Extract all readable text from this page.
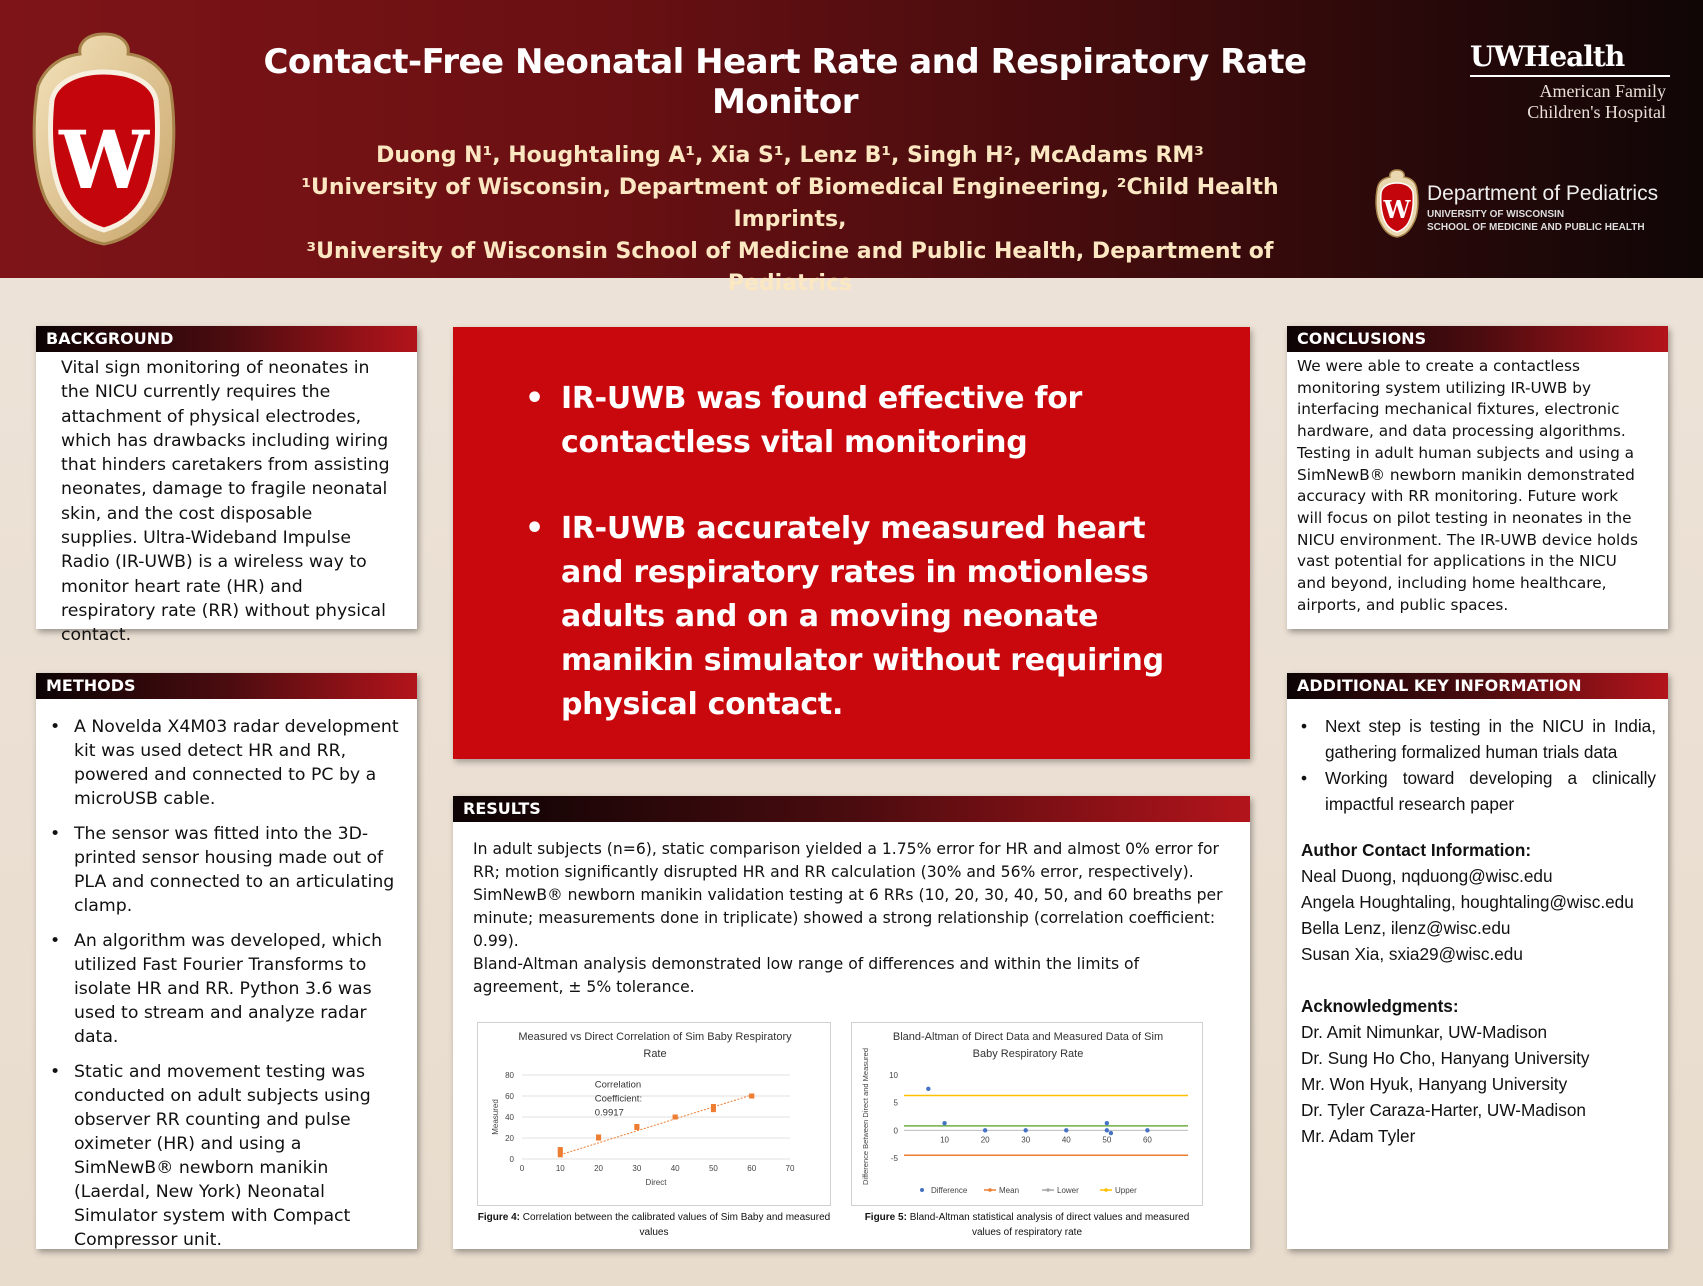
W
Contact-Free Neonatal Heart Rate and Respiratory Rate Monitor
Duong N¹, Houghtaling A¹, Xia S¹, Lenz B¹, Singh H², McAdams RM³
¹University of Wisconsin, Department of Biomedical Engineering, ²Child Health Imprints,
³University of Wisconsin School of Medicine and Public Health, Department of Pediatrics
UWHealth
American Family
Children's Hospital
W
Department of Pediatrics
UNIVERSITY OF WISCONSIN
SCHOOL OF MEDICINE AND PUBLIC HEALTH
BACKGROUND
Vital sign monitoring of neonates in the NICU currently requires the attachment of physical electrodes, which has drawbacks including wiring that hinders caretakers from assisting neonates, damage to fragile neonatal skin, and the cost disposable supplies. Ultra-Wideband Impulse Radio (IR-UWB) is a wireless way to monitor heart rate (HR) and respiratory rate (RR) without physical contact.
METHODS
• A Novelda X4M03 radar development kit was used detect HR and RR, powered and connected to PC by a microUSB cable.
• The sensor was fitted into the 3D-printed sensor housing made out of PLA and connected to an articulating clamp.
• An algorithm was developed, which utilized Fast Fourier Transforms to isolate HR and RR. Python 3.6 was used to stream and analyze radar data.
• Static and movement testing was conducted on adult subjects using observer RR counting and pulse oximeter (HR) and using a SimNewB® newborn manikin (Laerdal, New York) Neonatal Simulator system with Compact Compressor unit.
• IR-UWB was found effective for contactless vital monitoring
• IR-UWB accurately measured heart and respiratory rates in motionless adults and on a moving neonate manikin simulator without requiring physical contact.
RESULTS
In adult subjects (n=6), static comparison yielded a 1.75% error for HR and almost 0% error for RR; motion significantly disrupted HR and RR calculation (30% and 56% error, respectively). SimNewB® newborn manikin validation testing at 6 RRs (10, 20, 30, 40, 50, and 60 breaths per minute; measurements done in triplicate) showed a strong relationship (correlation coefficient: 0.99).
Bland-Altman analysis demonstrated low range of differences and within the limits of agreement, ± 5% tolerance.
Measured vs Direct Correlation of Sim Baby Respiratory Rate
0
20
40
60
80
0	10	20	30	40	50	60	70
Direct
Measured
Correlation
Coefficient:
0.9917
Figure 4: Correlation between the calibrated values of Sim Baby and measured values
Bland-Altman of Direct Data and Measured Data of Sim Baby Respiratory Rate
-5
0
5
10
10	20	30	40	50	60
Difference Between Direct and Measured
Difference	Mean	Lower	Upper
Figure 5: Bland-Altman statistical analysis of direct values and measured values of respiratory rate
CONCLUSIONS
We were able to create a contactless monitoring system utilizing IR-UWB by interfacing mechanical fixtures, electronic hardware, and data processing algorithms. Testing in adult human subjects and using a SimNewB® newborn manikin demonstrated accuracy with RR monitoring. Future work will focus on pilot testing in neonates in the NICU environment. The IR-UWB device holds vast potential for applications in the NICU and beyond, including home healthcare, airports, and public spaces.
ADDITIONAL KEY INFORMATION
• Next step is testing in the NICU in India, gathering formalized human trials data
• Working toward developing a clinically impactful research paper
Author Contact Information:
Neal Duong, nqduong@wisc.edu
Angela Houghtaling, houghtaling@wisc.edu
Bella Lenz, ilenz@wisc.edu
Susan Xia, sxia29@wisc.edu
Acknowledgments:
Dr. Amit Nimunkar, UW-Madison
Dr. Sung Ho Cho, Hanyang University
Mr. Won Hyuk, Hanyang University
Dr. Tyler Caraza-Harter, UW-Madison
Mr. Adam Tyler
